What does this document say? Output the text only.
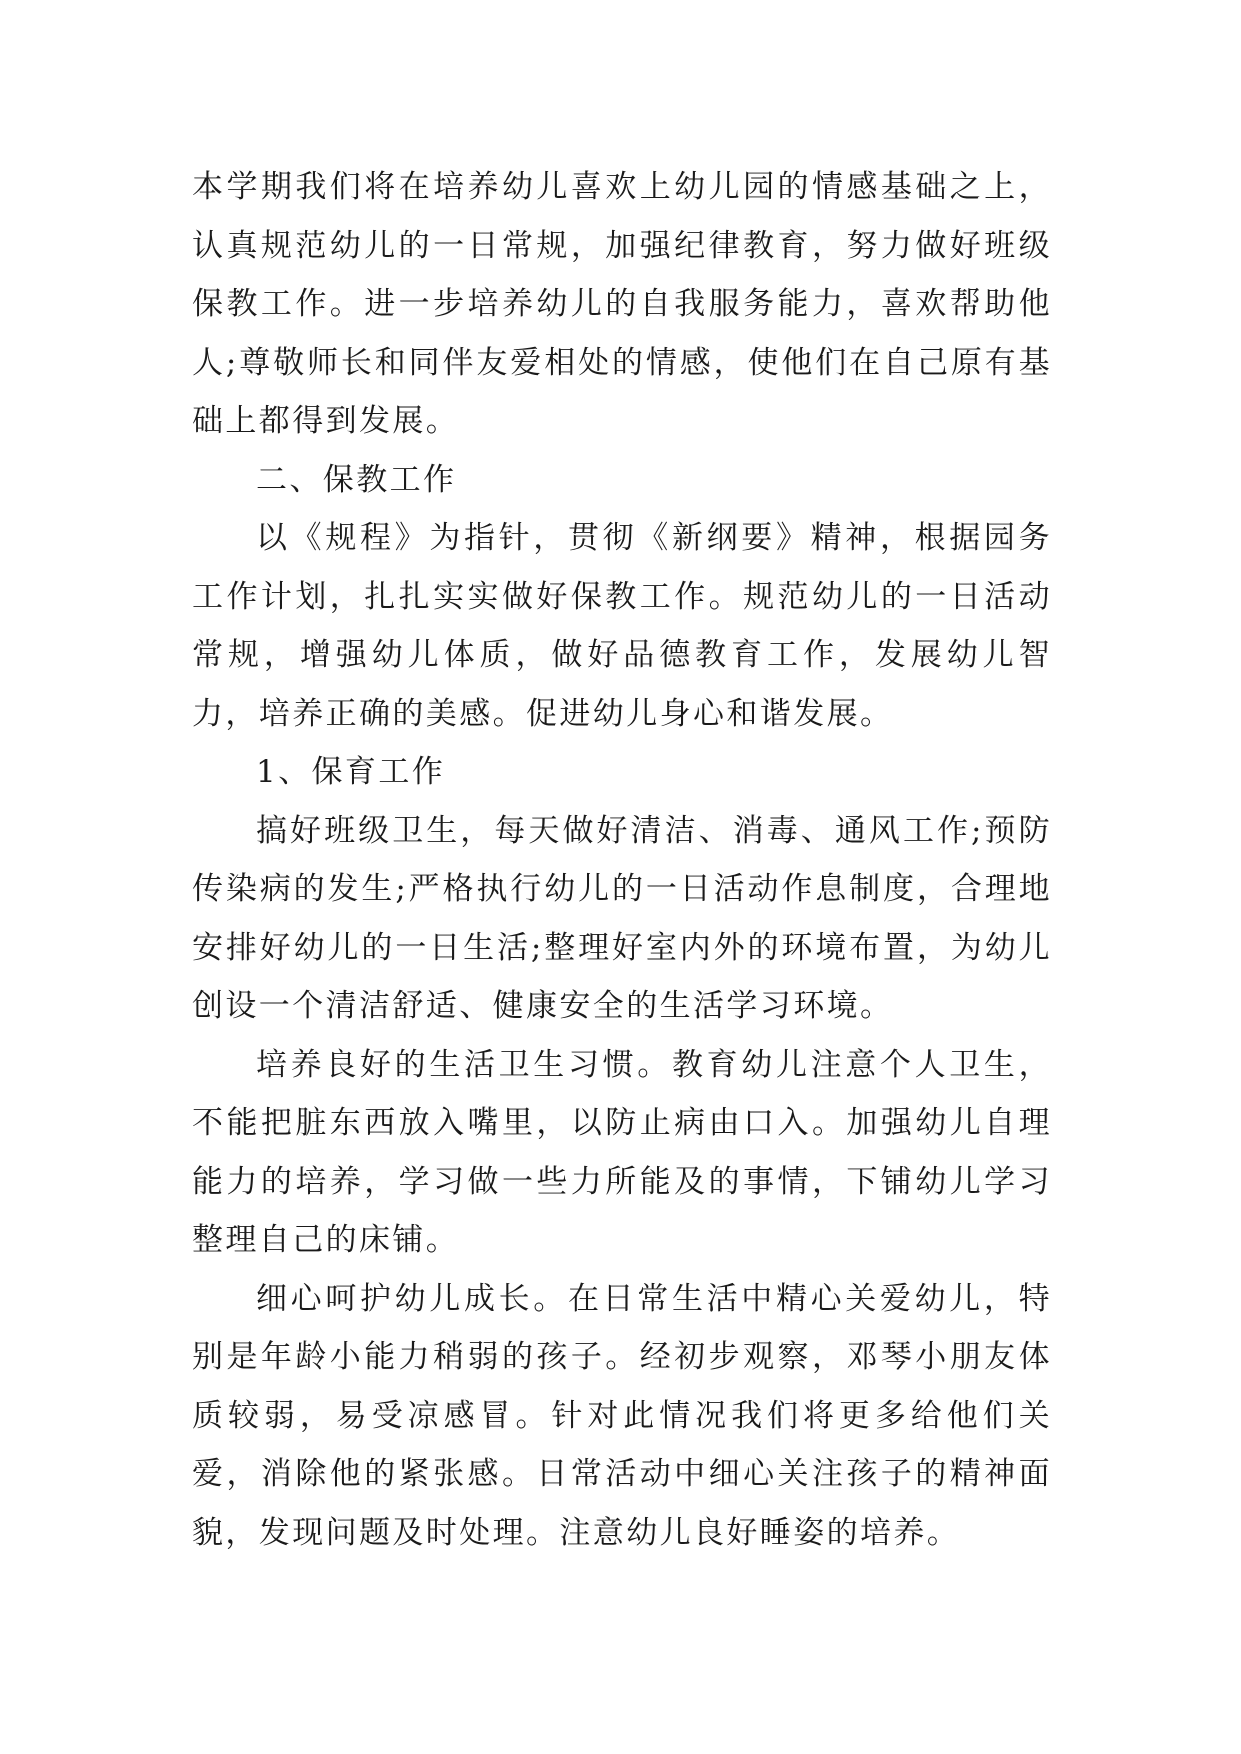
本学期我们将在培养幼儿喜欢上幼儿园的情感基础之上，认真规范幼儿的一日常规，加强纪律教育，努力做好班级保教工作。进一步培养幼儿的自我服务能力，喜欢帮助他人;尊敬师长和同伴友爱相处的情感，使他们在自己原有基础上都得到发展。

二、保教工作

以《规程》为指针，贯彻《新纲要》精神，根据园务工作计划，扎扎实实做好保教工作。规范幼儿的一日活动常规，增强幼儿体质，做好品德教育工作，发展幼儿智力，培养正确的美感。促进幼儿身心和谐发展。

1、保育工作

搞好班级卫生，每天做好清洁、消毒、通风工作;预防传染病的发生;严格执行幼儿的一日活动作息制度，合理地安排好幼儿的一日生活;整理好室内外的环境布置，为幼儿创设一个清洁舒适、健康安全的生活学习环境。

培养良好的生活卫生习惯。教育幼儿注意个人卫生，不能把脏东西放入嘴里，以防止病由口入。加强幼儿自理能力的培养，学习做一些力所能及的事情，下铺幼儿学习整理自己的床铺。

细心呵护幼儿成长。在日常生活中精心关爱幼儿，特别是年龄小能力稍弱的孩子。经初步观察，邓琴小朋友体质较弱，易受凉感冒。针对此情况我们将更多给他们关爱，消除他的紧张感。日常活动中细心关注孩子的精神面貌，发现问题及时处理。注意幼儿良好睡姿的培养。
